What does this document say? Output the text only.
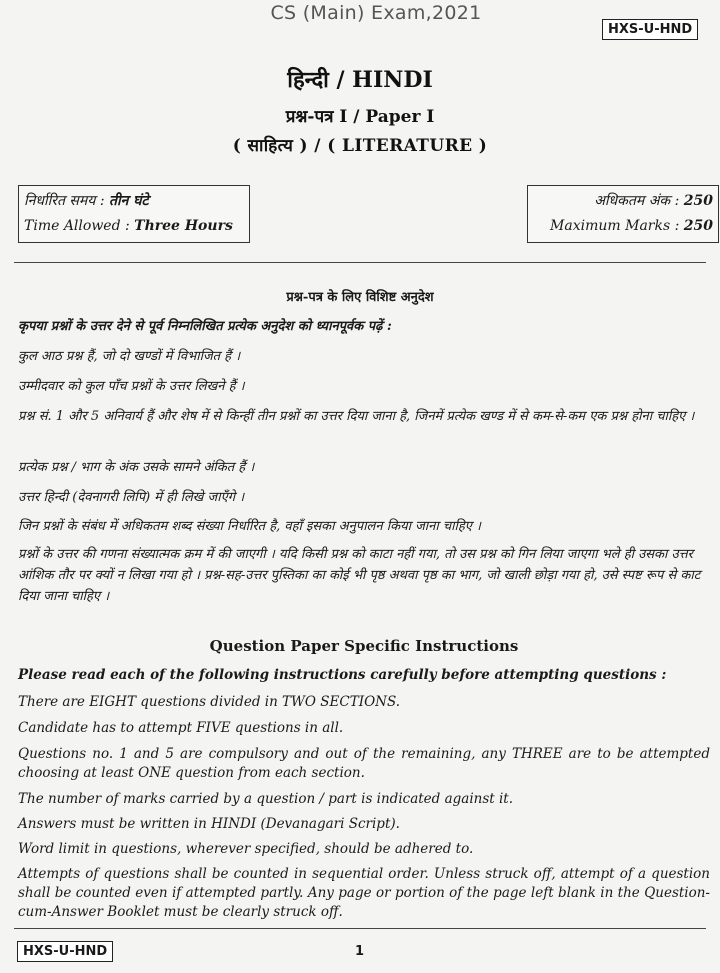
CS (Main) Exam,2021
HXS-U-HND
हिन्दी / HINDI
प्रश्न-पत्र I / Paper I
( साहित्य ) / ( LITERATURE )
निर्धारित समय : तीन घंटे
Time Allowed : Three Hours
अधिकतम अंक : 250
Maximum Marks : 250
प्रश्न-पत्र के लिए विशिष्ट अनुदेश
कृपया प्रश्नों के उत्तर देने से पूर्व निम्नलिखित प्रत्येक अनुदेश को ध्यानपूर्वक पढ़ें :
कुल आठ प्रश्न हैं, जो दो खण्डों में विभाजित हैं ।
उम्मीदवार को कुल पाँच प्रश्नों के उत्तर लिखने हैं ।
प्रश्न सं. 1 और 5 अनिवार्य हैं और शेष में से किन्हीं तीन प्रश्नों का उत्तर दिया जाना है, जिनमें प्रत्येक खण्ड में से कम-से-कम एक प्रश्न होना चाहिए ।
प्रत्येक प्रश्न / भाग के अंक उसके सामने अंकित हैं ।
उत्तर हिन्दी (देवनागरी लिपि) में ही लिखे जाएँगे ।
जिन प्रश्नों के संबंध में अधिकतम शब्द संख्या निर्धारित है, वहाँ इसका अनुपालन किया जाना चाहिए ।
प्रश्नों के उत्तर की गणना संख्यात्मक क्रम में की जाएगी । यदि किसी प्रश्न को काटा नहीं गया, तो उस प्रश्न को गिन लिया जाएगा भले ही उसका उत्तर आंशिक तौर पर क्यों न लिखा गया हो । प्रश्न-सह-उत्तर पुस्तिका का कोई भी पृष्ठ अथवा पृष्ठ का भाग, जो खाली छोड़ा गया हो, उसे स्पष्ट रूप से काट दिया जाना चाहिए ।
Question Paper Specific Instructions
Please read each of the following instructions carefully before attempting questions :
There are EIGHT questions divided in TWO SECTIONS.
Candidate has to attempt FIVE questions in all.
Questions no. 1 and 5 are compulsory and out of the remaining, any THREE are to be attempted choosing at least ONE question from each section.
The number of marks carried by a question / part is indicated against it.
Answers must be written in HINDI (Devanagari Script).
Word limit in questions, wherever specified, should be adhered to.
Attempts of questions shall be counted in sequential order. Unless struck off, attempt of a question shall be counted even if attempted partly. Any page or portion of the page left blank in the Question-cum-Answer Booklet must be clearly struck off.
HXS-U-HND	1
